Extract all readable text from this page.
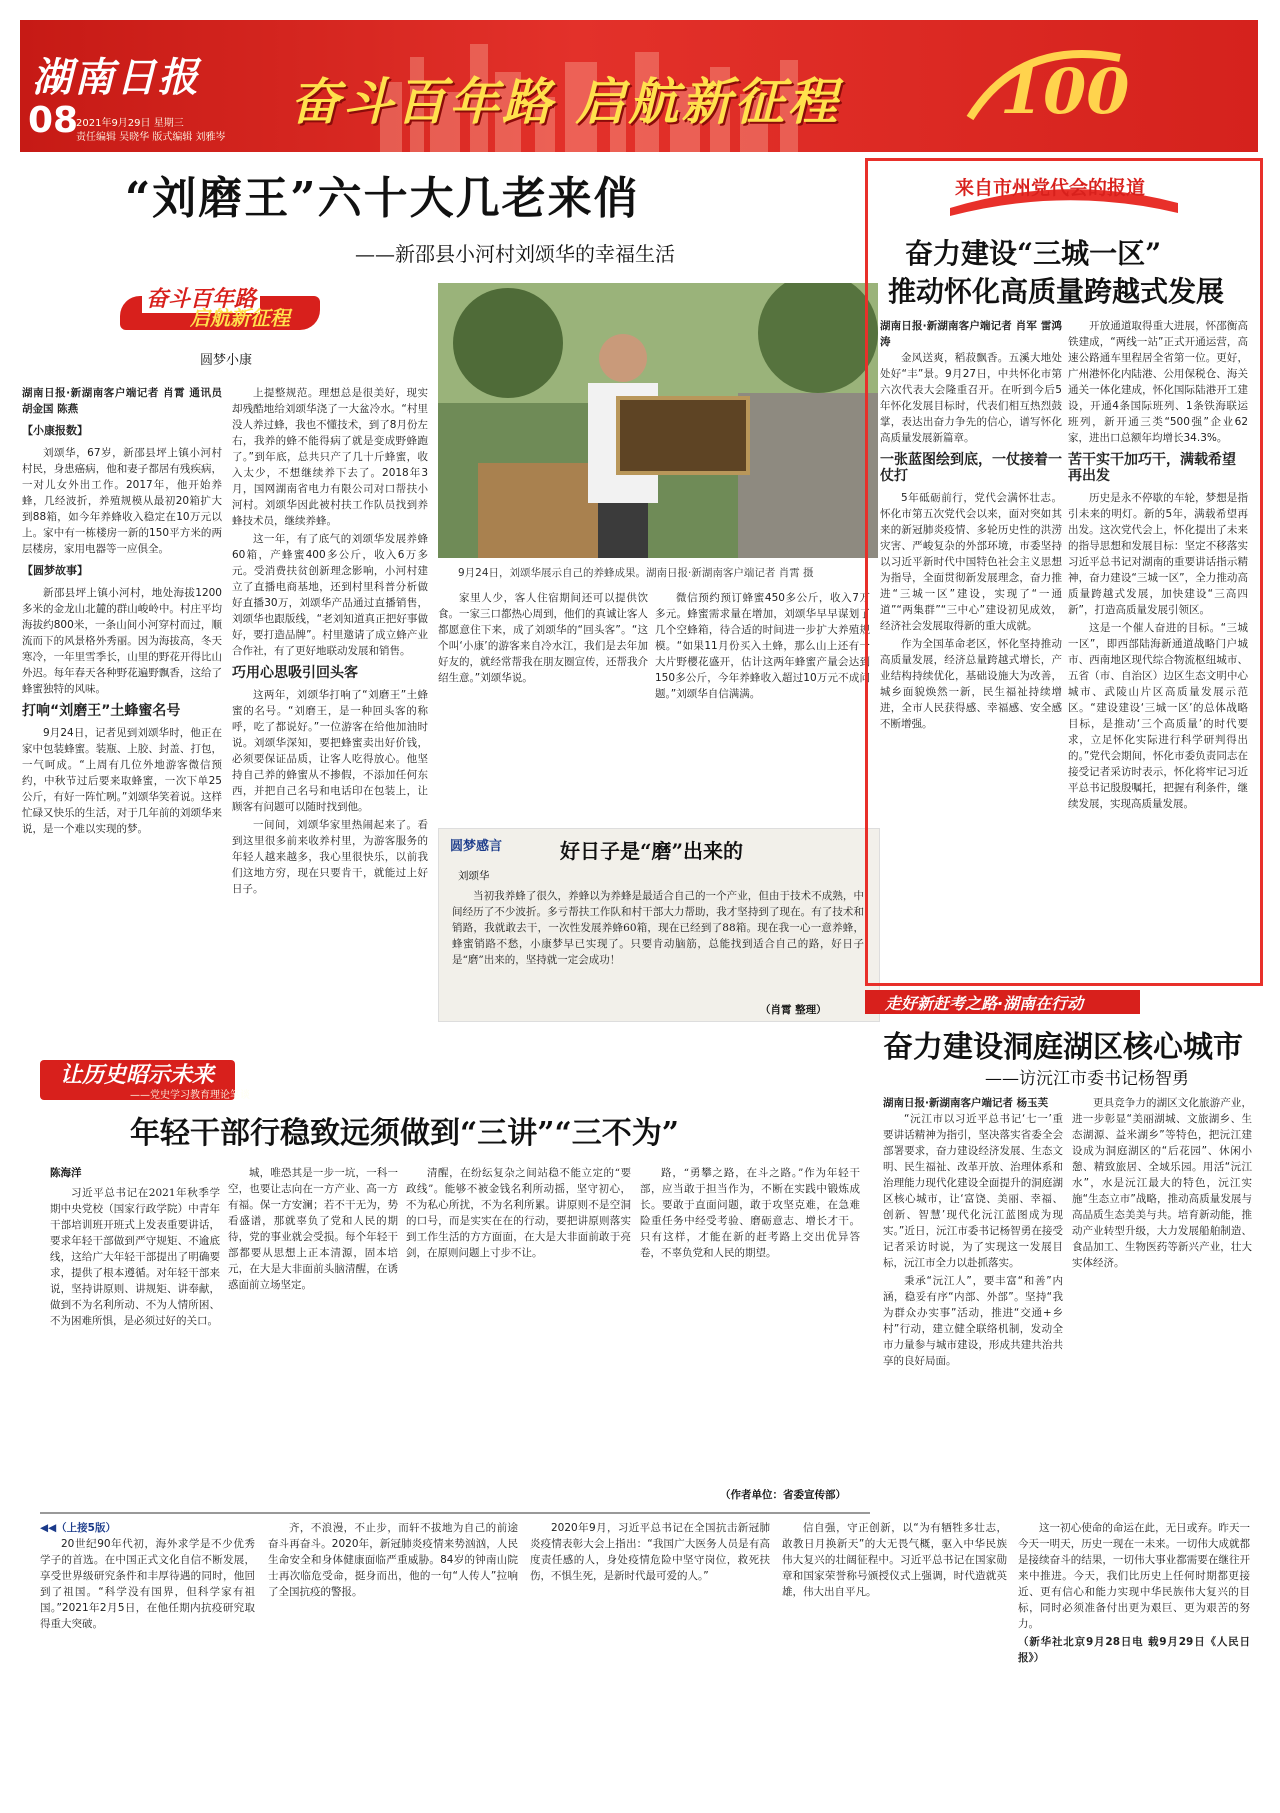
湖南日报
08
2021年9月29日 星期三
责任编辑 吴晓华 版式编辑 刘雅岑
奋斗百年路 启航新征程	100
“刘磨王”六十大几老来俏
——新邵县小河村刘颂华的幸福生活
奋斗百年路
启航新征程
圆梦小康
湖南日报·新湖南客户端记者 肖霄 通讯员 胡金国 陈燕
【小康报数】

刘颂华，67岁，新邵县坪上镇小河村村民，身患癌病，他和妻子都居有残疾病，一对儿女外出工作。2017年，他开始养蜂，几经波折，养殖规模从最初20箱扩大到88箱，如今年养蜂收入稳定在10万元以上。家中有一栋楼房一新的150平方米的两层楼房，家用电器等一应俱全。

【圆梦故事】

新邵县坪上镇小河村，地处海拔1200多米的金龙山北麓的群山峻岭中。村庄平均海拔约800米，一条山间小河穿村而过，顺流而下的风景格外秀丽。因为海拔高，冬天寒冷，一年里雪季长，山里的野花开得比山外迟。每年春天各种野花遍野飘香，这给了蜂蜜独特的风味。

打响“刘磨王”土蜂蜜名号

9月24日，记者见到刘颂华时，他正在家中包装蜂蜜。装瓶、上胶、封盖、打包，一气呵成。“上周有几位外地游客微信预约，中秋节过后要来取蜂蜜，一次下单25公斤，有好一阵忙咧。”刘颂华笑着说。这样忙碌又快乐的生活，对于几年前的刘颂华来说，是一个难以实现的梦。

上提整规范。理想总是很美好，现实却残酷地给刘颂华浇了一大盆冷水。“村里没人养过蜂，我也不懂技术，到了8月份左右，我养的蜂不能得病了就是变成野蜂跑了。”到年底，总共只产了几十斤蜂蜜，收入太少，不想继续养下去了。2018年3月，国网湖南省电力有限公司对口帮扶小河村。刘颂华因此被村扶工作队员找到养蜂技术员，继续养蜂。

这一年，有了底气的刘颂华发展养蜂60箱，产蜂蜜400多公斤，收入6万多元。受消费扶贫创新理念影响，小河村建立了直播电商基地，还到村里科普分析做好直播30万，刘颂华产品通过直播销售，刘颂华也跟版线，“老刘知道真正把好事做好，要打造品牌”。村里邀请了成立蜂产业合作社，有了更好地联动发展和销售。

巧用心思吸引回头客

这两年，刘颂华打响了“刘磨王”土蜂蜜的名号。“刘磨王，是一种回头客的称呼，吃了都说好。”一位游客在给他加油时说。刘颂华深知，要把蜂蜜卖出好价钱，必须要保证品质，让客人吃得放心。他坚持自己养的蜂蜜从不掺假，不添加任何东西，并把自己名号和电话印在包装上，让顾客有问题可以随时找到他。

一间间，刘颂华家里热闹起来了。看到这里很多前来收养村里，为游客服务的年轻人越来越多，我心里很快乐，以前我们这地方穷，现在只要肯干，就能过上好日子。

9月24日，刘颂华展示自己的养蜂成果。湖南日报·新湖南客户端记者 肖霄 摄

家里人少，客人住宿期间还可以提供饮食。一家三口都热心周到，他们的真诚让客人都愿意住下来，成了刘颂华的“回头客”。“这个叫‘小康’的游客来自冷水江，我们是去年加好友的，就经常帮我在朋友圈宣传，还帮我介绍生意。”刘颂华说。

微信预约预订蜂蜜450多公斤，收入7万多元。蜂蜜需求量在增加，刘颂华早早谋划了几个空蜂箱，待合适的时间进一步扩大养殖规模。“如果11月份买入土蜂，那么山上还有一大片野樱花盛开，估计这两年蜂蜜产量会达到150多公斤，今年养蜂收入超过10万元不成问题。”刘颂华自信满满。

圆梦感言	好日子是“磨”出来的
刘颂华

当初我养蜂了很久，养蜂以为养蜂是最适合自己的一个产业，但由于技术不成熟，中间经历了不少波折。多亏帮扶工作队和村干部大力帮助，我才坚持到了现在。有了技术和销路，我就敢去干，一次性发展养蜂60箱，现在已经到了88箱。现在我一心一意养蜂，蜂蜜销路不愁，小康梦早已实现了。只要肯动脑筋，总能找到适合自己的路，好日子是“磨”出来的，坚持就一定会成功！

（肖霄 整理）
来自市州党代会的报道
奋力建设“三城一区”
推动怀化高质量跨越式发展
湖南日报·新湖南客户端记者 肖军 雷鸿涛

金风送爽，稻菽飘香。五溪大地处处好“丰”景。9月27日，中共怀化市第六次代表大会隆重召开。在听到今后5年怀化发展目标时，代表们相互热烈鼓掌，表达出奋力争先的信心，谱写怀化高质量发展新篇章。

一张蓝图绘到底，一仗接着一仗打

5年砥砺前行，党代会满怀壮志。怀化市第五次党代会以来，面对突如其来的新冠肺炎疫情、多轮历史性的洪涝灾害、严峻复杂的外部环境，市委坚持以习近平新时代中国特色社会主义思想为指导，全面贯彻新发展理念，奋力推进“三城一区”建设，实现了“一通道”“两集群”“三中心”建设初见成效，经济社会发展取得新的重大成就。

作为全国革命老区，怀化坚持推动高质量发展，经济总量跨越式增长，产业结构持续优化，基础设施大为改善，城乡面貌焕然一新，民生福祉持续增进，全市人民获得感、幸福感、安全感不断增强。

开放通道取得重大进展，怀邵衡高铁建成，“两线一站”正式开通运营，高速公路通车里程居全省第一位。更好，广州港怀化内陆港、公用保税仓、海关通关一体化建成，怀化国际陆港开工建设，开通4条国际班列、1条铁海联运班列，新开通三类“500强”企业62家，进出口总额年均增长34.3%。

苦干实干加巧干，满载希望再出发

历史是永不停歇的车轮，梦想是指引未来的明灯。新的5年，满载希望再出发。这次党代会上，怀化提出了未来的指导思想和发展目标：坚定不移落实习近平总书记对湖南的重要讲话指示精神，奋力建设“三城一区”，全力推动高质量跨越式发展，加快建设“三高四新”，打造高质量发展引领区。

这是一个催人奋进的目标。“三城一区”，即西部陆海新通道战略门户城市、西南地区现代综合物流枢纽城市、五省（市、自治区）边区生态文明中心城市、武陵山片区高质量发展示范区。“建设建设‘三城一区’的总体战略目标，是推动‘三个高质量’的时代要求，立足怀化实际进行科学研判得出的。”党代会期间，怀化市委负责同志在接受记者采访时表示，怀化将牢记习近平总书记殷殷嘱托，把握有利条件，继续发展，实现高质量发展。

走好新赶考之路·湖南在行动
奋力建设洞庭湖区核心城市
——访沅江市委书记杨智勇
湖南日报·新湖南客户端记者 杨玉芙

“沅江市以习近平总书记‘七一’重要讲话精神为指引，坚决落实省委全会部署要求，奋力建设经济发展、生态文明、民生福祉、改革开放、治理体系和治理能力现代化建设全面提升的洞庭湖区核心城市，让‘富饶、美丽、幸福、创新、智慧’现代化沅江蓝图成为现实。”近日，沅江市委书记杨智勇在接受记者采访时说，为了实现这一发展目标，沅江市全力以赴抓落实。

秉承“沅江人”，要丰富“和善”内涵，稳妥有序“内部、外部”。坚持“我为群众办实事”活动，推进“交通+乡村”行动，建立健全联络机制，发动全市力量参与城市建设，形成共建共治共享的良好局面。

更具竞争力的湖区文化旅游产业，进一步彰显“美丽湖城、文旅湖乡、生态湖源、益米湖乡”等特色，把沅江建设成为洞庭湖区的“后花园”、休闲小憩、精致旅居、全域乐园。用活“沅江水”，水是沅江最大的特色，沅江实施“生态立市”战略，推动高质量发展与高品质生态美美与共。培育新动能，推动产业转型升级，大力发展船舶制造、食品加工、生物医药等新兴产业，壮大实体经济。

让历史昭示未来
——党史学习教育理论笔谈
年轻干部行稳致远须做到“三讲”“三不为”
陈海洋

习近平总书记在2021年秋季学期中央党校（国家行政学院）中青年干部培训班开班式上发表重要讲话，要求年轻干部做到严守规矩、不逾底线，这给广大年轻干部提出了明确要求，提供了根本遵循。对年轻干部来说，坚持讲原则、讲规矩、讲奉献，做到不为名利所动、不为人情所困、不为困难所惧，是必须过好的关口。

城，唯恐其是一步一坑，一科一空，也要让志向在一方产业、高一方有福。保一方安澜；若不干无为，势看盛谱，那就辜负了党和人民的期待，党的事业就会受损。每个年轻干部都要从思想上正本清源，固本培元，在大是大非面前头脑清醒，在诱惑面前立场坚定。

清醒，在纷纭复杂之间站稳不能立定的“要政线”。能够不被金钱名利所动摇，坚守初心，不为私心所扰，不为名利所累。讲原则不是空洞的口号，而是实实在在的行动，要把讲原则落实到工作生活的方方面面，在大是大非面前敢于亮剑，在原则问题上寸步不让。

路，“勇攀之路，在斗之路。”作为年轻干部，应当敢于担当作为，不断在实践中锻炼成长。要敢于直面问题，敢于攻坚克难，在急难险重任务中经受考验、磨砺意志、增长才干。只有这样，才能在新的赶考路上交出优异答卷，不辜负党和人民的期望。

（作者单位：省委宣传部）
◀◀（上接5版）

20世纪90年代初，海外求学是不少优秀学子的首选。在中国正式文化自信不断发展，享受世界级研究条件和丰厚待遇的同时，他回到了祖国。“科学没有国界，但科学家有祖国。”2021年2月5日，在他任期内抗疫研究取得重大突破。

齐，不浪漫，不止步，而轩不拔地为自己的前途奋斗再奋斗。2020年，新冠肺炎疫情来势汹汹，人民生命安全和身体健康面临严重威胁。84岁的钟南山院士再次临危受命，挺身而出，他的一句“人传人”拉响了全国抗疫的警报。

2020年9月，习近平总书记在全国抗击新冠肺炎疫情表彰大会上指出：“我国广大医务人员是有高度责任感的人，身处疫情危险中坚守岗位，救死扶伤，不惧生死，是新时代最可爱的人。”

信自强，守正创新，以“为有牺牲多壮志，敢教日月换新天”的大无畏气概，驱入中华民族伟大复兴的壮阔征程中。习近平总书记在国家勋章和国家荣誉称号颁授仪式上强调，时代造就英雄，伟大出自平凡。

这一初心使命的命运在此，无日或弃。昨天一今天一明天，历史一现在一未来。一切伟大成就都是接续奋斗的结果，一切伟大事业都需要在继往开来中推进。今天，我们比历史上任何时期都更接近、更有信心和能力实现中华民族伟大复兴的目标，同时必须准备付出更为艰巨、更为艰苦的努力。

（新华社北京9月28日电 载9月29日《人民日报》）
